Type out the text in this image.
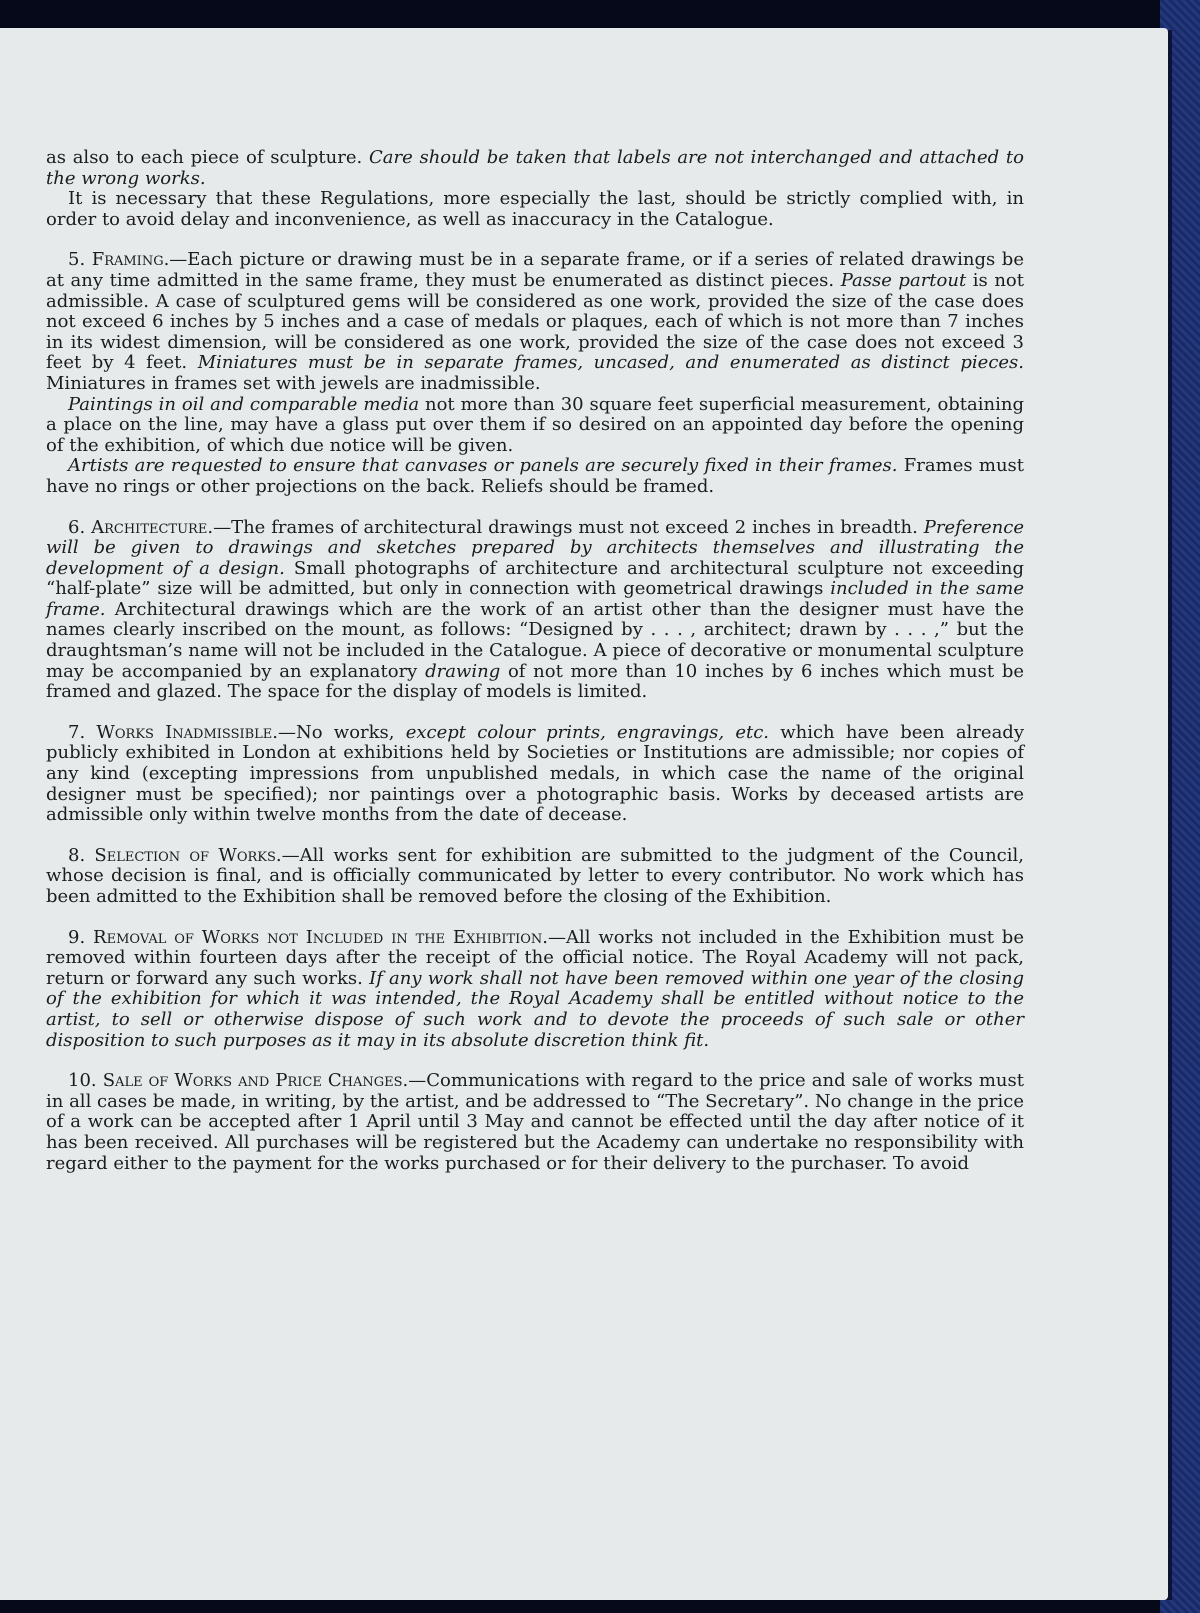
as also to each piece of sculpture. Care should be taken that labels are not interchanged and attached to the wrong works.

It is necessary that these Regulations, more especially the last, should be strictly complied with, in order to avoid delay and inconvenience, as well as inaccuracy in the Catalogue.

5. Framing.—Each picture or drawing must be in a separate frame, or if a series of related drawings be at any time admitted in the same frame, they must be enumerated as distinct pieces. Passe partout is not admissible. A case of sculptured gems will be considered as one work, provided the size of the case does not exceed 6 inches by 5 inches and a case of medals or plaques, each of which is not more than 7 inches in its widest dimension, will be considered as one work, provided the size of the case does not exceed 3 feet by 4 feet. Miniatures must be in separate frames, uncased, and enumerated as distinct pieces. Miniatures in frames set with jewels are inadmissible.

Paintings in oil and comparable media not more than 30 square feet superficial measurement, obtaining a place on the line, may have a glass put over them if so desired on an appointed day before the opening of the exhibition, of which due notice will be given.

Artists are requested to ensure that canvases or panels are securely fixed in their frames. Frames must have no rings or other projections on the back. Reliefs should be framed.

6. Architecture.—The frames of architectural drawings must not exceed 2 inches in breadth. Preference will be given to drawings and sketches prepared by architects themselves and illustrating the development of a design. Small photographs of architecture and architectural sculpture not exceeding “half-plate” size will be admitted, but only in connection with geometrical drawings included in the same frame. Architectural drawings which are the work of an artist other than the designer must have the names clearly inscribed on the mount, as follows: “Designed by . . . , architect; drawn by . . . ,” but the draughtsman’s name will not be included in the Catalogue. A piece of decorative or monumental sculpture may be accompanied by an explanatory drawing of not more than 10 inches by 6 inches which must be framed and glazed. The space for the display of models is limited.

7. Works Inadmissible.—No works, except colour prints, engravings, etc. which have been already publicly exhibited in London at exhibitions held by Societies or Institutions are admissible; nor copies of any kind (excepting impressions from unpublished medals, in which case the name of the original designer must be specified); nor paintings over a photographic basis. Works by deceased artists are admissible only within twelve months from the date of decease.

8. Selection of Works.—All works sent for exhibition are submitted to the judgment of the Council, whose decision is final, and is officially communicated by letter to every contributor. No work which has been admitted to the Exhibition shall be removed before the closing of the Exhibition.

9. Removal of Works not Included in the Exhibition.—All works not included in the Exhibition must be removed within fourteen days after the receipt of the official notice. The Royal Academy will not pack, return or forward any such works. If any work shall not have been removed within one year of the closing of the exhibition for which it was intended, the Royal Academy shall be entitled without notice to the artist, to sell or otherwise dispose of such work and to devote the proceeds of such sale or other disposition to such purposes as it may in its absolute discretion think fit.

10. Sale of Works and Price Changes.—Communications with regard to the price and sale of works must in all cases be made, in writing, by the artist, and be addressed to “The Secretary”. No change in the price of a work can be accepted after 1 April until 3 May and cannot be effected until the day after notice of it has been received. All purchases will be registered but the Academy can undertake no responsibility with regard either to the payment for the works purchased or for their delivery to the purchaser. To avoid
